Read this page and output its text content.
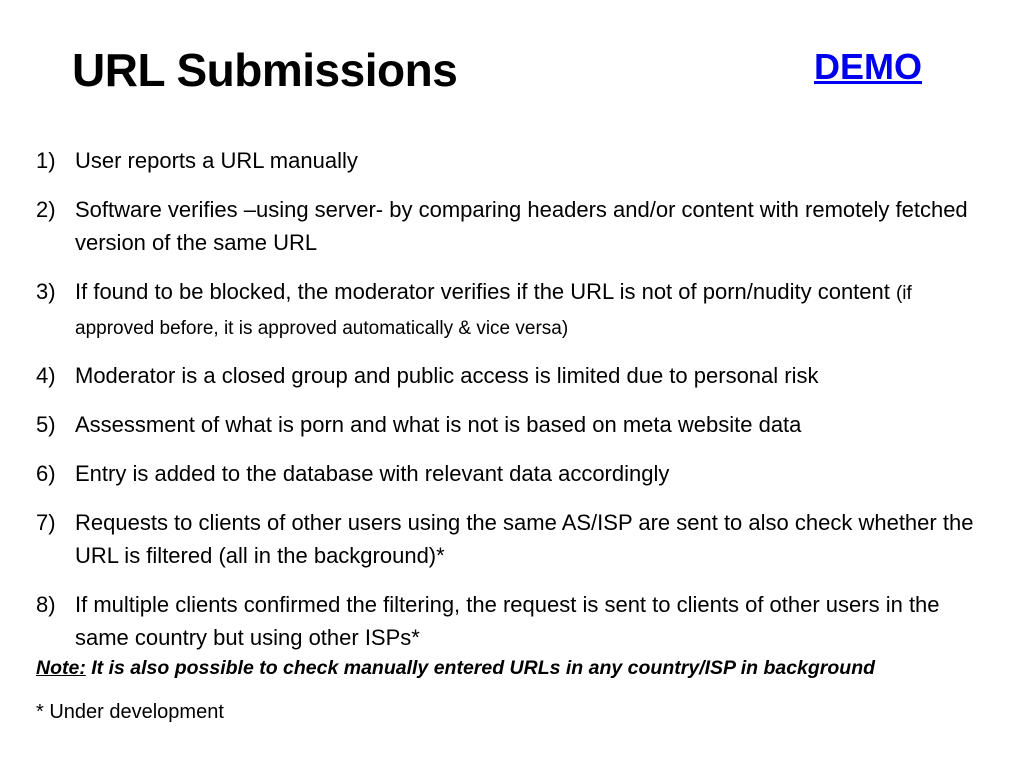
URL Submissions	DEMO
1) User reports a URL manually
2) Software verifies –using server- by comparing headers and/or content with remotely fetched version of the same URL
3) If found to be blocked, the moderator verifies if the URL is not of porn/nudity content (if approved before, it is approved automatically & vice versa)
4) Moderator is a closed group and public access is limited due to personal risk
5) Assessment of what is porn and what is not is based on meta website data
6) Entry is added to the database with relevant data accordingly
7) Requests to clients of other users using the same AS/ISP are sent to also check whether the URL is filtered (all in the background)*
8) If multiple clients confirmed the filtering, the request is sent to clients of other users in the same country but using other ISPs*
Note: It is also possible to check manually entered URLs in any country/ISP in background
* Under development
